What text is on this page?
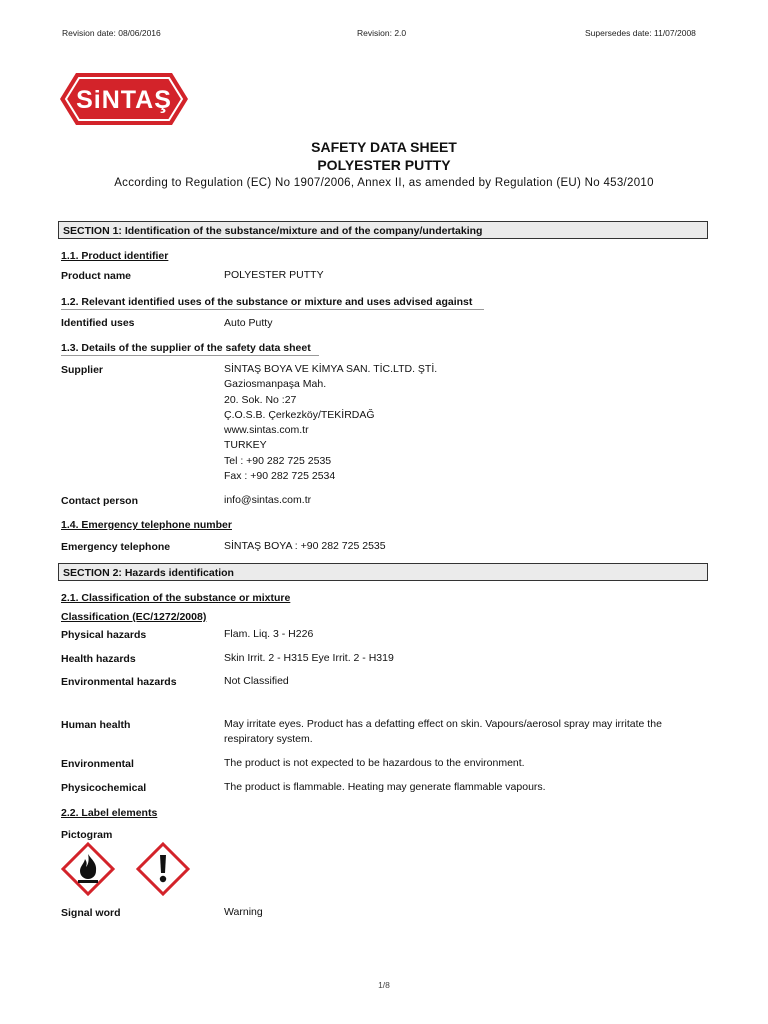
Revision date: 08/06/2016	Revision: 2.0	Supersedes date: 11/07/2008
SiNTAŞ
SAFETY DATA SHEET
POLYESTER PUTTY
According to Regulation (EC) No 1907/2006, Annex II, as amended by Regulation (EU) No 453/2010
SECTION 1: Identification of the substance/mixture and of the company/undertaking
1.1. Product identifier
Product name	POLYESTER PUTTY
1.2. Relevant identified uses of the substance or mixture and uses advised against
Identified uses	Auto Putty
1.3. Details of the supplier of the safety data sheet
Supplier	SİNTAŞ BOYA VE KİMYA SAN. TİC.LTD. ŞTİ.
Gaziosmanpaşa Mah.
20. Sok. No :27
Ç.O.S.B. Çerkezköy/TEKİRDAĞ
www.sintas.com.tr
TURKEY
Tel : +90 282 725 2535
Fax : +90 282 725 2534
Contact person	info@sintas.com.tr
1.4. Emergency telephone number
Emergency telephone	SİNTAŞ BOYA : +90 282 725 2535
SECTION 2: Hazards identification
2.1. Classification of the substance or mixture
Classification (EC/1272/2008)
Physical hazards	Flam. Liq. 3 - H226
Health hazards	Skin Irrit. 2 - H315 Eye Irrit. 2 - H319
Environmental hazards	Not Classified
Human health	May irritate eyes. Product has a defatting effect on skin. Vapours/aerosol spray may irritate the respiratory system.
Environmental	The product is not expected to be hazardous to the environment.
Physicochemical	The product is flammable. Heating may generate flammable vapours.
2.2. Label elements
Pictogram
Signal word	Warning
1/8
